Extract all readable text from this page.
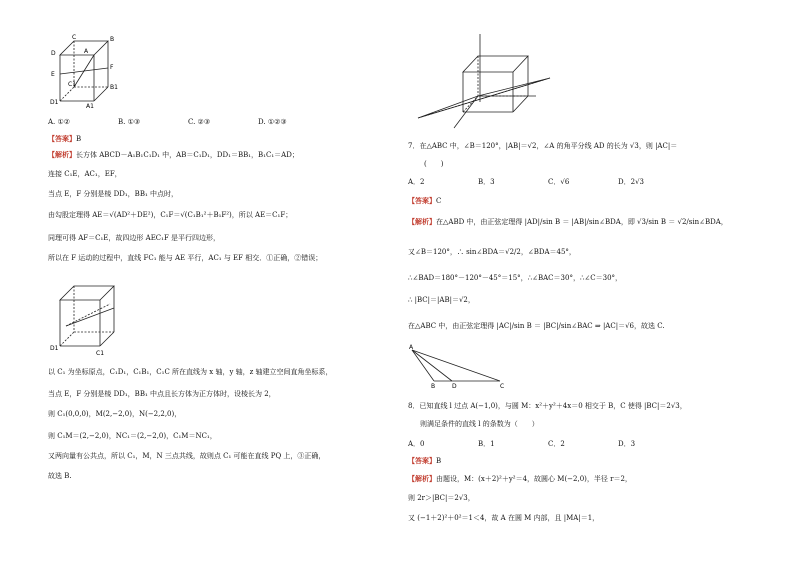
C	B
A
D
E
F
C1	B1
D1
A1
A. ①②	B. ①③	C. ②③	D. ①②③
【答案】B
【解析】长方体 ABCD－A₁B₁C₁D₁ 中，AB＝C₁D₁，DD₁＝BB₁，B₁C₁＝AD；
连接 C₁E，AC₁，EF，
当点 E，F 分别是棱 DD₁，BB₁ 中点时，
由勾股定理得 AE＝√(AD²＋DE²)，C₁F＝√(C₁B₁²＋B₁F²)，所以 AE＝C₁F；
同理可得 AF＝C₁E，故四边形 AEC₁F 是平行四边形，
所以在 F 运动的过程中，直线 FC₁ 能与 AE 平行，AC₁ 与 EF 相交．①正确，②错误；
D1
C1
以 C₁ 为坐标原点，C₁D₁，C₁B₁，C₁C 所在直线为 x 轴，y 轴，z 轴建立空间直角坐标系，
当点 E，F 分别是棱 DD₁，BB₁ 中点且长方体为正方体时，设棱长为 2，
则 C₁(0,0,0)，M(2,−2,0)，N(−2,2,0)，
则 C₁M＝(2,−2,0)，NC₁＝(2,−2,0)，C₁M＝NC₁，
又两向量有公共点，所以 C₁，M，N 三点共线，故则点 C₁ 可能在直线 PQ 上，③正确，
故选 B.
7．在△ABC 中，∠B＝120°，|AB|＝√2，∠A 的角平分线 AD 的长为 √3，则 |AC|＝
(　　)
A．2	B．3	C．√6	D．2√3
【答案】C
【解析】在△ABD 中，由正弦定理得 |AD|/sin B ＝ |AB|/sin∠BDA，即 √3/sin B ＝ √2/sin∠BDA，
又∠B＝120°，∴ sin∠BDA＝√2/2，∠BDA＝45°，
∴∠BAD＝180°－120°－45°＝15°，∴∠BAC＝30°，∴∠C＝30°，
∴ |BC|＝|AB|＝√2，
在△ABC 中，由正弦定理得 |AC|/sin B ＝ |BC|/sin∠BAC ⇒ |AC|＝√6，故选 C.
A
B	D	C
8．已知直线 l 过点 A(−1,0)，与圆 M：x²＋y²＋4x＝0 相交于 B，C 使得 |BC|＝2√3，
则满足条件的直线 l 的条数为（　　）
A．0	B．1	C．2	D．3
【答案】B
【解析】由题设，M：(x＋2)²＋y²＝4，故圆心 M(−2,0)，半径 r＝2，
则 2r＞|BC|＝2√3，
又 (−1＋2)²＋0²＝1＜4，故 A 在圆 M 内部，且 |MA|＝1，
